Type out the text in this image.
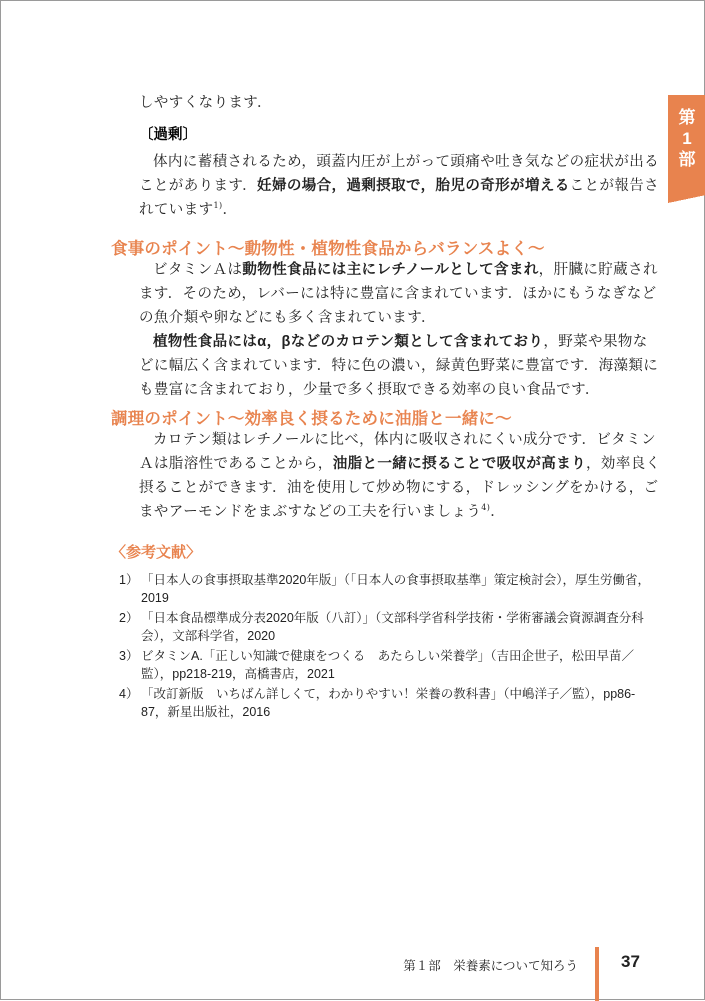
第
1
部
しやすくなります．
〔過剰〕
体内に蓄積されるため，頭蓋内圧が上がって頭痛や吐き気などの症状が出る
ことがあります．妊婦の場合，過剰摂取で，胎児の奇形が増えることが報告さ
れています$^{1)}$．
食事のポイント～動物性・植物性食品からバランスよく～
ビタミンＡは動物性食品には主にレチノールとして含まれ，肝臓に貯蔵され
ます．そのため，レバーには特に豊富に含まれています．ほかにもうなぎなど
の魚介類や卵などにも多く含まれています．
植物性食品にはα，βなどのカロテン類として含まれており，野菜や果物な
どに幅広く含まれています．特に色の濃い，緑黄色野菜に豊富です．海藻類に
も豊富に含まれており，少量で多く摂取できる効率の良い食品です．
調理のポイント～効率良く摂るために油脂と一緒に～
カロテン類はレチノールに比べ，体内に吸収されにくい成分です．ビタミン
Ａは脂溶性であることから，油脂と一緒に摂ることで吸収が高まり，効率良く
摂ることができます．油を使用して炒め物にする，ドレッシングをかける，ご
まやアーモンドをまぶすなどの工夫を行いましょう$^{4)}$．
〈参考文献〉
1） 「日本人の食事摂取基準2020年版」（「日本人の食事摂取基準」策定検討会），厚生労働省，2019
2） 「日本食品標準成分表2020年版（八訂）」（文部科学省科学技術・学術審議会資源調査分科会），文部科学省，2020
3） ビタミンA.「正しい知識で健康をつくる　あたらしい栄養学」（吉田企世子，松田早苗／監），pp218-219，高橋書店，2021
4） 「改訂新版　いちばん詳しくて，わかりやすい！栄養の教科書」（中嶋洋子／監），pp86-87，新星出版社，2016
第１部　栄養素について知ろう	37
